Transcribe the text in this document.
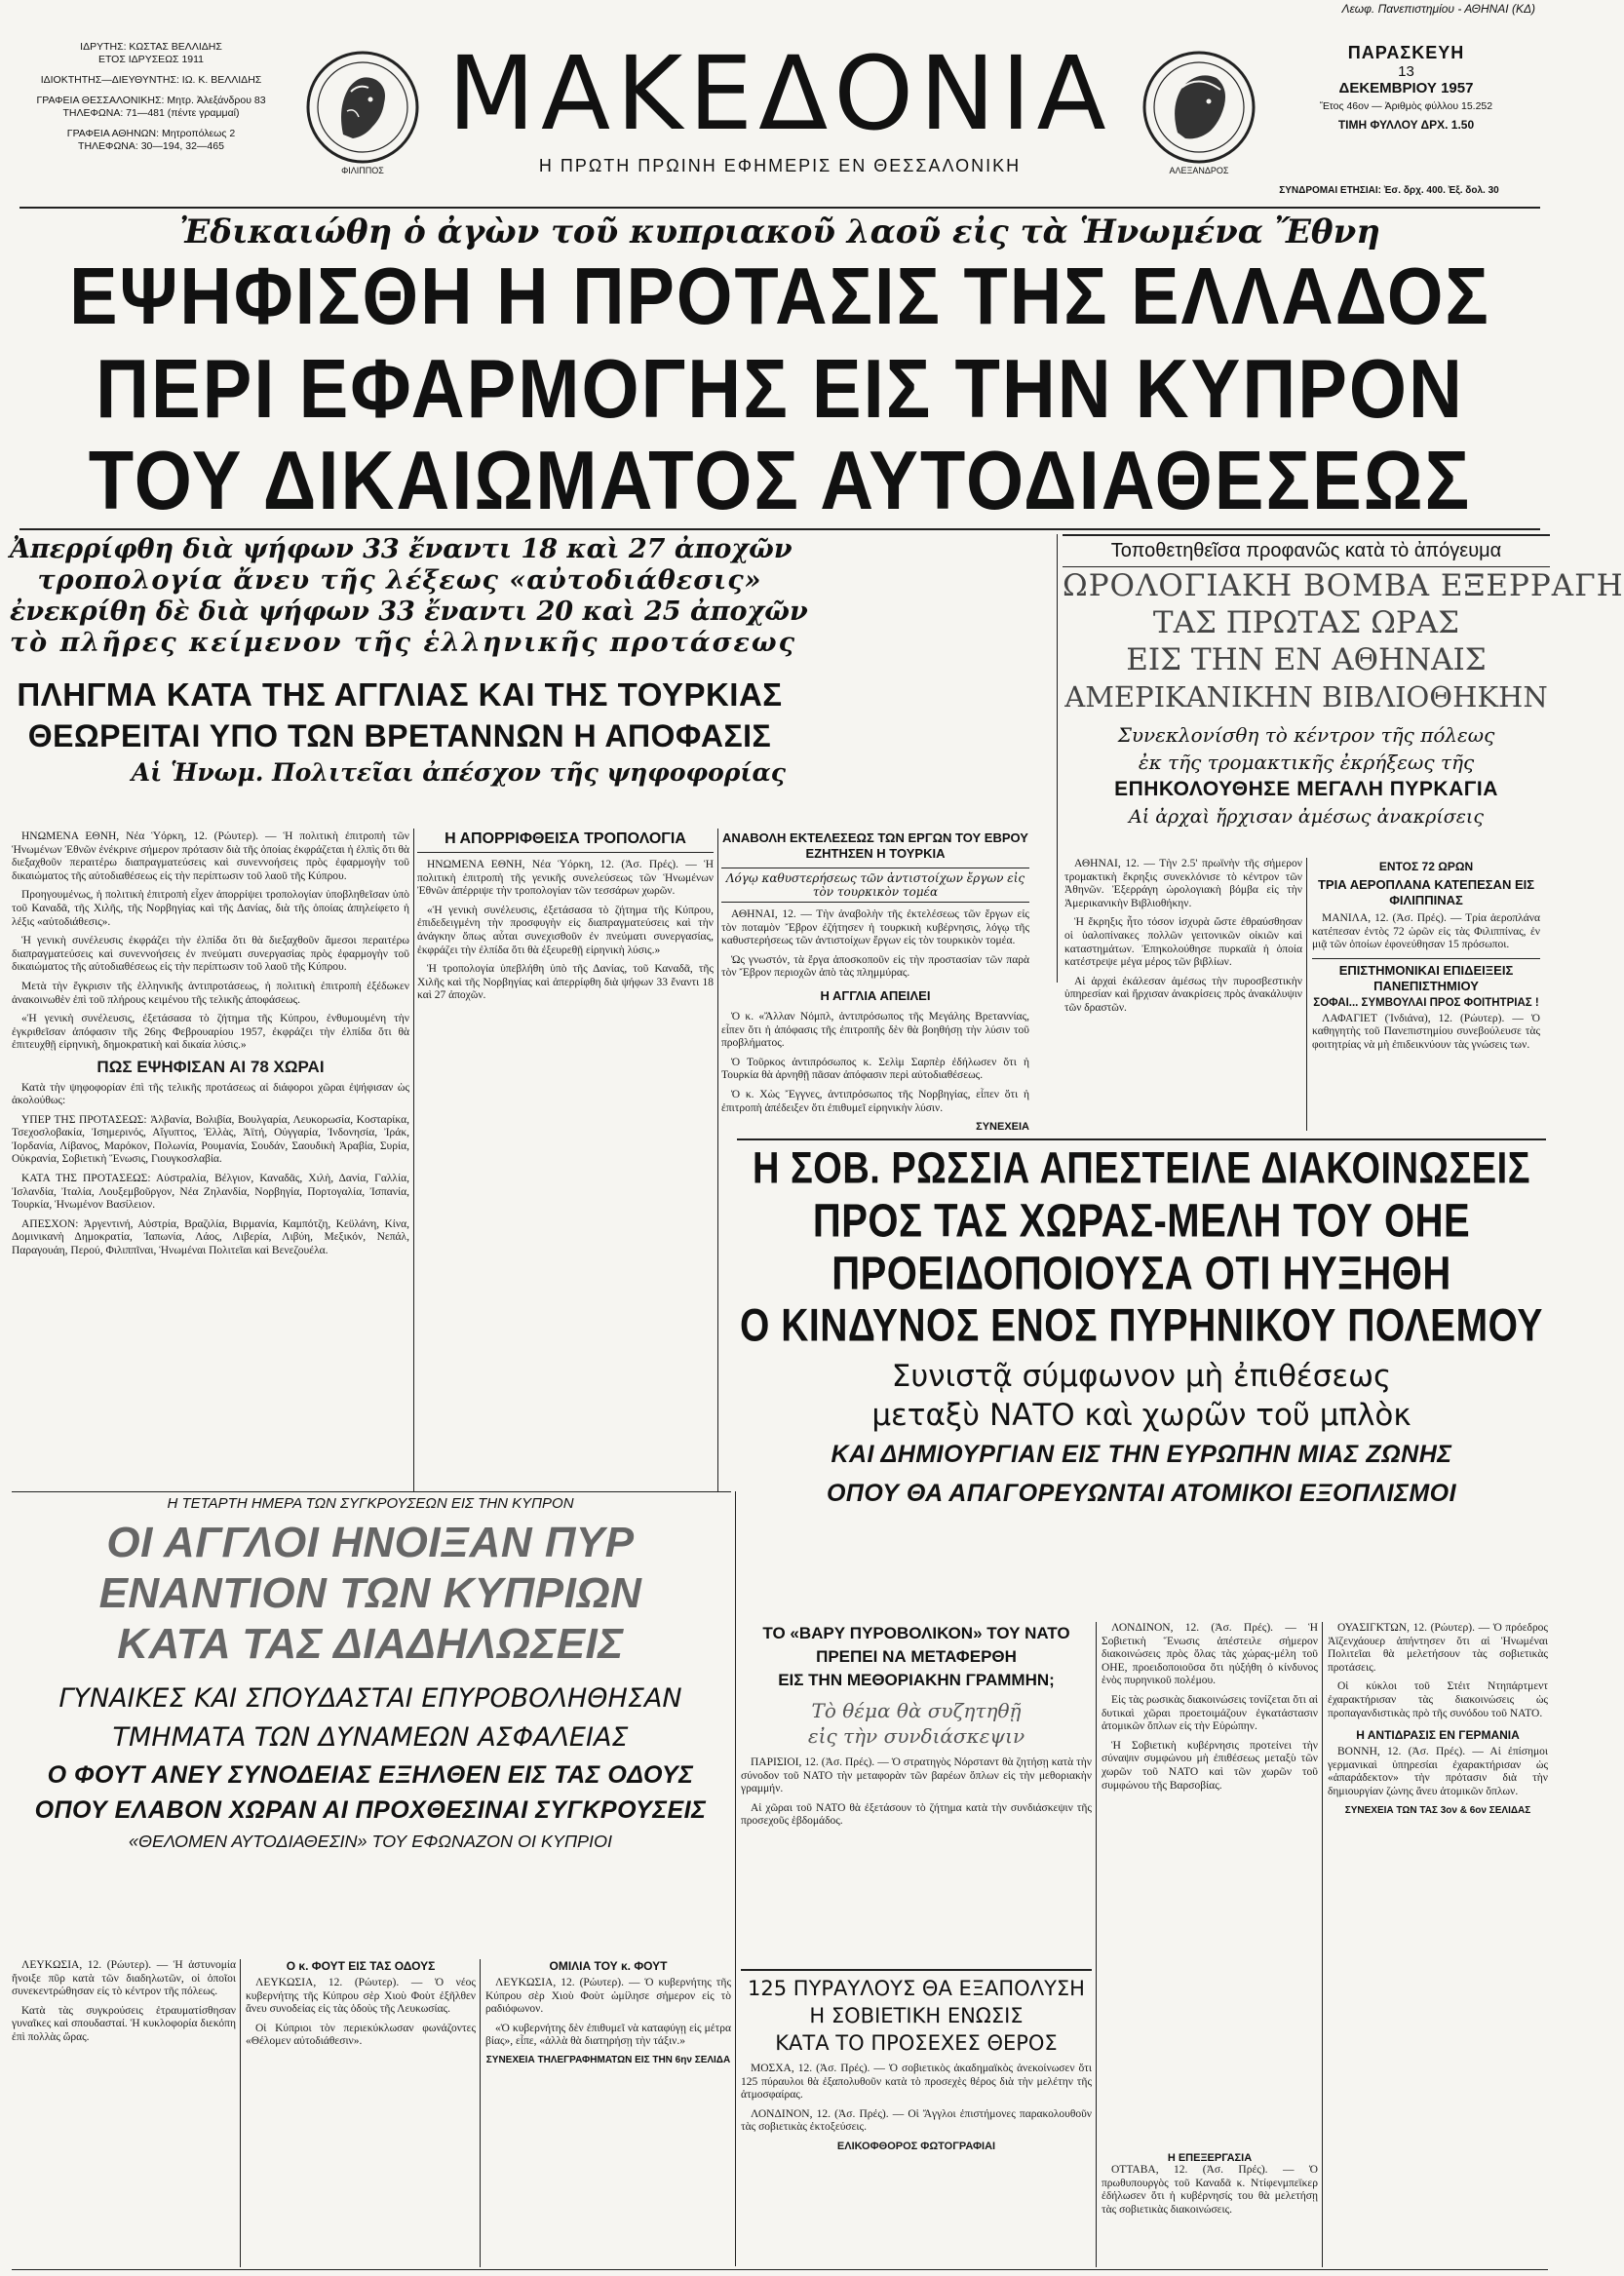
Λεωφ. Πανεπιστημίου - ΑΘΗΝΑΙ (ΚΔ)
ΙΔΡΥΤΗΣ: ΚΩΣΤΑΣ ΒΕΛΛΙΔΗΣ
ΕΤΟΣ ΙΔΡΥΣΕΩΣ 1911
ΙΔΙΟΚΤΗΤΗΣ—ΔΙΕΥΘΥΝΤΗΣ: ΙΩ. Κ. ΒΕΛΛΙΔΗΣ
ΓΡΑΦΕΙΑ ΘΕΣΣΑΛΟΝΙΚΗΣ: Μητρ. Ἀλεξάνδρου 83
ΤΗΛΕΦΩΝΑ: 71—481 (πέντε γραμμαί)
ΓΡΑΦΕΙΑ ΑΘΗΝΩΝ: Μητροπόλεως 2
ΤΗΛΕΦΩΝΑ: 30—194, 32—465
ΦΙΛΙΠΠΟΣ
ΜΑΚΕΔΟΝΙΑ
Η ΠΡΩΤΗ ΠΡΩΙΝΗ ΕΦΗΜΕΡΙΣ ΕΝ ΘΕΣΣΑΛΟΝΙΚΗ	ΑΛΕΞΑΝΔΡΟΣ
ΠΑΡΑΣΚΕΥΗ
13
ΔΕΚΕΜΒΡΙΟΥ 1957
Ἔτος 46ον — Ἀριθμὸς φύλλου 15.252
ΤΙΜΗ ΦΥΛΛΟΥ ΔΡΧ. 1.50
ΣΥΝΔΡΟΜΑΙ ΕΤΗΣΙΑΙ: Ἐσ. δρχ. 400. Ἐξ. δολ. 30
Ἐδικαιώθη ὁ ἀγὼν τοῦ κυπριακοῦ λαοῦ εἰς τὰ Ἡνωμένα Ἔθνη
ΕΨΗΦΙΣΘΗ Η ΠΡΟΤΑΣΙΣ ΤΗΣ ΕΛΛΑΔΟΣ
ΠΕΡΙ ΕΦΑΡΜΟΓΗΣ ΕΙΣ ΤΗΝ ΚΥΠΡΟΝ
ΤΟΥ ΔΙΚΑΙΩΜΑΤΟΣ ΑΥΤΟΔΙΑΘΕΣΕΩΣ
Ἀπερρίφθη διὰ ψήφων 33 ἔναντι 18 καὶ 27 ἀποχῶν
τροπολογία ἄνευ τῆς λέξεως «αὐτοδιάθεσις»
ἐνεκρίθη δὲ διὰ ψήφων 33 ἔναντι 20 καὶ 25 ἀποχῶν
τὸ πλῆρες κείμενον τῆς ἑλληνικῆς προτάσεως
ΠΛΗΓΜΑ ΚΑΤΑ ΤΗΣ ΑΓΓΛΙΑΣ ΚΑΙ ΤΗΣ ΤΟΥΡΚΙΑΣ
ΘΕΩΡΕΙΤΑΙ ΥΠΟ ΤΩΝ ΒΡΕΤΑΝΝΩΝ Η ΑΠΟΦΑΣΙΣ
Αἱ Ἡνωμ. Πολιτεῖαι ἀπέσχον τῆς ψηφοφορίας

ΗΝΩΜΕΝΑ ΕΘΝΗ, Νέα Ὑόρκη, 12. (Ρώυτερ). — Ἡ πολιτικὴ ἐπιτροπὴ τῶν Ἡνωμένων Ἐθνῶν ἐνέκρινε σήμερον πρότασιν διὰ τῆς ὁποίας ἐκφράζεται ἡ ἐλπὶς ὅτι θὰ διεξαχθοῦν περαιτέρω διαπραγματεύσεις καὶ συνεννοήσεις πρὸς ἐφαρμογὴν τοῦ δικαιώματος τῆς αὐτοδιαθέσεως εἰς τὴν περίπτωσιν τοῦ λαοῦ τῆς Κύπρου.

Προηγουμένως, ἡ πολιτικὴ ἐπιτροπὴ εἶχεν ἀπορρίψει τροπολογίαν ὑποβληθεῖσαν ὑπὸ τοῦ Καναδᾶ, τῆς Χιλῆς, τῆς Νορβηγίας καὶ τῆς Δανίας, διὰ τῆς ὁποίας ἀπηλείφετο ἡ λέξις «αὐτοδιάθεσις».

Ἡ γενικὴ συνέλευσις ἐκφράζει τὴν ἐλπίδα ὅτι θὰ διεξαχθοῦν ἄμεσοι περαιτέρω διαπραγματεύσεις καὶ συνεννοήσεις ἐν πνεύματι συνεργασίας πρὸς ἐφαρμογὴν τοῦ δικαιώματος τῆς αὐτοδιαθέσεως εἰς τὴν περίπτωσιν τοῦ λαοῦ τῆς Κύπρου.

Μετὰ τὴν ἔγκρισιν τῆς ἑλληνικῆς ἀντιπροτάσεως, ἡ πολιτικὴ ἐπιτροπὴ ἐξέδωκεν ἀνακοινωθὲν ἐπὶ τοῦ πλήρους κειμένου τῆς τελικῆς ἀποφάσεως.

«Ἡ γενικὴ συνέλευσις, ἐξετάσασα τὸ ζήτημα τῆς Κύπρου, ἐνθυμουμένη τὴν ἐγκριθεῖσαν ἀπόφασιν τῆς 26ης Φεβρουαρίου 1957, ἐκφράζει τὴν ἐλπίδα ὅτι θὰ ἐπιτευχθῇ εἰρηνικὴ, δημοκρατικὴ καὶ δικαία λύσις.»

ΠΩΣ ΕΨΗΦΙΣΑΝ ΑΙ 78 ΧΩΡΑΙ

Κατὰ τὴν ψηφοφορίαν ἐπὶ τῆς τελικῆς προτάσεως αἱ διάφοροι χῶραι ἐψήφισαν ὡς ἀκολούθως:

ΥΠΕΡ ΤΗΣ ΠΡΟΤΑΣΕΩΣ: Ἀλβανία, Βολιβία, Βουλγαρία, Λευκορωσία, Κοσταρίκα, Τσεχοσλοβακία, Ἰσημερινός, Αἴγυπτος, Ἑλλὰς, Ἀϊτή, Οὐγγαρία, Ἰνδονησία, Ἰράκ, Ἰορδανία, Λίβανος, Μαρόκον, Πολωνία, Ρουμανία, Σουδάν, Σαουδικὴ Ἀραβία, Συρία, Οὐκρανία, Σοβιετικὴ Ἕνωσις, Γιουγκοσλαβία.

ΚΑΤΑ ΤΗΣ ΠΡΟΤΑΣΕΩΣ: Αὐστραλία, Βέλγιον, Καναδᾶς, Χιλὴ, Δανία, Γαλλία, Ἰσλανδία, Ἰταλία, Λουξεμβοῦργον, Νέα Ζηλανδία, Νορβηγία, Πορτογαλία, Ἰσπανία, Τουρκία, Ἡνωμένον Βασίλειον.

ΑΠΕΣΧΟΝ: Ἀργεντινή, Αὐστρία, Βραζιλία, Βιρμανία, Καμπότζη, Κεϋλάνη, Κίνα, Δομινικανὴ Δημοκρατία, Ἰαπωνία, Λάος, Λιβερία, Λιβύη, Μεξικόν, Νεπάλ, Παραγουάη, Περού, Φιλιππῖναι, Ἡνωμέναι Πολιτεῖαι καὶ Βενεζουέλα.

Η ΑΠΟΡΡΙΦΘΕΙΣΑ ΤΡΟΠΟΛΟΓΙΑ

ΗΝΩΜΕΝΑ ΕΘΝΗ, Νέα Ὑόρκη, 12. (Ἀσ. Πρές). — Ἡ πολιτικὴ ἐπιτροπὴ τῆς γενικῆς συνελεύσεως τῶν Ἡνωμένων Ἐθνῶν ἀπέρριψε τὴν τροπολογίαν τῶν τεσσάρων χωρῶν.

«Ἡ γενικὴ συνέλευσις, ἐξετάσασα τὸ ζήτημα τῆς Κύπρου, ἐπιδεδειγμένη τὴν προσφυγὴν εἰς διαπραγματεύσεις καὶ τὴν ἀνάγκην ὅπως αὗται συνεχισθοῦν ἐν πνεύματι συνεργασίας, ἐκφράζει τὴν ἐλπίδα ὅτι θὰ ἐξευρεθῇ εἰρηνικὴ λύσις.»

Ἡ τροπολογία ὑπεβλήθη ὑπὸ τῆς Δανίας, τοῦ Καναδᾶ, τῆς Χιλῆς καὶ τῆς Νορβηγίας καὶ ἀπερρίφθη διὰ ψήφων 33 ἔναντι 18 καὶ 27 ἀποχῶν.

ΑΝΑΒΟΛΗ ΕΚΤΕΛΕΣΕΩΣ ΤΩΝ ΕΡΓΩΝ ΤΟΥ ΕΒΡΟΥ ΕΖΗΤΗΣΕΝ Η ΤΟΥΡΚΙΑ
Λόγῳ καθυστερήσεως τῶν ἀντιστοίχων ἔργων εἰς τὸν τουρκικὸν τομέα

ΑΘΗΝΑΙ, 12. — Τὴν ἀναβολὴν τῆς ἐκτελέσεως τῶν ἔργων εἰς τὸν ποταμὸν Ἔβρον ἐζήτησεν ἡ τουρκικὴ κυβέρνησις, λόγῳ τῆς καθυστερήσεως τῶν ἀντιστοίχων ἔργων εἰς τὸν τουρκικὸν τομέα.

Ὡς γνωστόν, τὰ ἔργα ἀποσκοποῦν εἰς τὴν προστασίαν τῶν παρὰ τὸν Ἔβρον περιοχῶν ἀπὸ τὰς πλημμύρας.

Η ΑΓΓΛΙΑ ΑΠΕΙΛΕΙ

Ὁ κ. «Ἄλλαν Νόμπλ, ἀντιπρόσωπος τῆς Μεγάλης Βρεταννίας, εἶπεν ὅτι ἡ ἀπόφασις τῆς ἐπιτροπῆς δὲν θὰ βοηθήσῃ τὴν λύσιν τοῦ προβλήματος.

Ὁ Τοῦρκος ἀντιπρόσωπος κ. Σελὶμ Σαρπὲρ ἐδήλωσεν ὅτι ἡ Τουρκία θὰ ἀρνηθῇ πᾶσαν ἀπόφασιν περὶ αὐτοδιαθέσεως.

Ὁ κ. Χὼς Ἔγγνες, ἀντιπρόσωπος τῆς Νορβηγίας, εἶπεν ὅτι ἡ ἐπιτροπὴ ἀπέδειξεν ὅτι ἐπιθυμεῖ εἰρηνικὴν λύσιν.

ΣΥΝΕΧΕΙΑ
Τοποθετηθεῖσα προφανῶς κατὰ τὸ ἀπόγευμα
ΩΡΟΛΟΓΙΑΚΗ ΒΟΜΒΑ ΕΞΕΡΡΑΓΗ
ΤΑΣ ΠΡΩΤΑΣ ΩΡΑΣ
ΕΙΣ ΤΗΝ ΕΝ ΑΘΗΝΑΙΣ
ΑΜΕΡΙΚΑΝΙΚΗΝ ΒΙΒΛΙΟΘΗΚΗΝ
Συνεκλονίσθη τὸ κέντρον τῆς πόλεως
ἐκ τῆς τρομακτικῆς ἐκρήξεως τῆς
ΕΠΗΚΟΛΟΥΘΗΣΕ ΜΕΓΑΛΗ ΠΥΡΚΑΓΙΑ
Αἱ ἀρχαὶ ἤρχισαν ἀμέσως ἀνακρίσεις

ΑΘΗΝΑΙ, 12. — Τὴν 2.5' πρωϊνὴν τῆς σήμερον τρομακτικὴ ἔκρηξις συνεκλόνισε τὸ κέντρον τῶν Ἀθηνῶν. Ἐξερράγη ὡρολογιακὴ βόμβα εἰς τὴν Ἀμερικανικὴν Βιβλιοθήκην.

Ἡ ἔκρηξις ἦτο τόσον ἰσχυρὰ ὥστε ἐθραύσθησαν οἱ ὑαλοπίνακες πολλῶν γειτονικῶν οἰκιῶν καὶ καταστημάτων. Ἐπηκολούθησε πυρκαϊὰ ἡ ὁποία κατέστρεψε μέγα μέρος τῶν βιβλίων.

Αἱ ἀρχαὶ ἐκάλεσαν ἀμέσως τὴν πυροσβεστικὴν ὑπηρεσίαν καὶ ἤρχισαν ἀνακρίσεις πρὸς ἀνακάλυψιν τῶν δραστῶν.

ΕΝΤΟΣ 72 ΩΡΩΝ
ΤΡΙΑ ΑΕΡΟΠΛΑΝΑ ΚΑΤΕΠΕΣΑΝ ΕΙΣ ΦΙΛΙΠΠΙΝΑΣ

ΜΑΝΙΛΑ, 12. (Ἀσ. Πρές). — Τρία ἀεροπλάνα κατέπεσαν ἐντὸς 72 ὡρῶν εἰς τὰς Φιλιππίνας, ἐν μιᾷ τῶν ὁποίων ἐφονεύθησαν 15 πρόσωποι.

ΕΠΙΣΤΗΜΟΝΙΚΑΙ ΕΠΙΔΕΙΞΕΙΣ ΠΑΝΕΠΙΣΤΗΜΙΟΥ
ΣΟΦΑΙ... ΣΥΜΒΟΥΛΑΙ ΠΡΟΣ ΦΟΙΤΗΤΡΙΑΣ !

ΛΑΦΑΓΙΕΤ (Ἰνδιάνα), 12. (Ρώυτερ). — Ὁ καθηγητὴς τοῦ Πανεπιστημίου συνεβούλευσε τὰς φοιτητρίας νὰ μὴ ἐπιδεικνύουν τὰς γνώσεις των.

Η ΣΟΒ. ΡΩΣΣΙΑ ΑΠΕΣΤΕΙΛΕ ΔΙΑΚΟΙΝΩΣΕΙΣ
ΠΡΟΣ ΤΑΣ ΧΩΡΑΣ-ΜΕΛΗ ΤΟΥ ΟΗΕ
ΠΡΟΕΙΔΟΠΟΙΟΥΣΑ ΟΤΙ ΗΥΞΗΘΗ
Ο ΚΙΝΔΥΝΟΣ ΕΝΟΣ ΠΥΡΗΝΙΚΟΥ ΠΟΛΕΜΟΥ
Συνιστᾷ σύμφωνον μὴ ἐπιθέσεως
μεταξὺ ΝΑΤΟ καὶ χωρῶν τοῦ μπλὸκ
ΚΑΙ ΔΗΜΙΟΥΡΓΙΑΝ ΕΙΣ ΤΗΝ ΕΥΡΩΠΗΝ ΜΙΑΣ ΖΩΝΗΣ
ΟΠΟΥ ΘΑ ΑΠΑΓΟΡΕΥΩΝΤΑΙ ΑΤΟΜΙΚΟΙ ΕΞΟΠΛΙΣΜΟΙ
Η ΤΕΤΑΡΤΗ ΗΜΕΡΑ ΤΩΝ ΣΥΓΚΡΟΥΣΕΩΝ ΕΙΣ ΤΗΝ ΚΥΠΡΟΝ
ΟΙ ΑΓΓΛΟΙ ΗΝΟΙΞΑΝ ΠΥΡ
ΕΝΑΝΤΙΟΝ ΤΩΝ ΚΥΠΡΙΩΝ
ΚΑΤΑ ΤΑΣ ΔΙΑΔΗΛΩΣΕΙΣ
ΓΥΝΑΙΚΕΣ ΚΑΙ ΣΠΟΥΔΑΣΤΑΙ ΕΠΥΡΟΒΟΛΗΘΗΣΑΝ
ΤΜΗΜΑΤΑ ΤΩΝ ΔΥΝΑΜΕΩΝ ΑΣΦΑΛΕΙΑΣ
Ο ΦΟΥΤ ΑΝΕΥ ΣΥΝΟΔΕΙΑΣ ΕΞΗΛΘΕΝ ΕΙΣ ΤΑΣ ΟΔΟΥΣ
ΟΠΟΥ ΕΛΑΒΟΝ ΧΩΡΑΝ ΑΙ ΠΡΟΧΘΕΣΙΝΑΙ ΣΥΓΚΡΟΥΣΕΙΣ
«ΘΕΛΟΜΕΝ ΑΥΤΟΔΙΑΘΕΣΙΝ» ΤΟΥ ΕΦΩΝΑΖΟΝ ΟΙ ΚΥΠΡΙΟΙ

ΛΕΥΚΩΣΙΑ, 12. (Ρώυτερ). — Ἡ ἀστυνομία ἤνοιξε πῦρ κατὰ τῶν διαδηλωτῶν, οἱ ὁποῖοι συνεκεντρώθησαν εἰς τὸ κέντρον τῆς πόλεως.

Κατὰ τὰς συγκρούσεις ἐτραυματίσθησαν γυναῖκες καὶ σπουδασταί. Ἡ κυκλοφορία διεκόπη ἐπὶ πολλὰς ὥρας.

Ο κ. ΦΟΥΤ ΕΙΣ ΤΑΣ ΟΔΟΥΣ

ΛΕΥΚΩΣΙΑ, 12. (Ρώυτερ). — Ὁ νέος κυβερνήτης τῆς Κύπρου σὲρ Χιοὺ Φοὺτ ἐξῆλθεν ἄνευ συνοδείας εἰς τὰς ὁδοὺς τῆς Λευκωσίας.

Οἱ Κύπριοι τὸν περιεκύκλωσαν φωνάζοντες «Θέλομεν αὐτοδιάθεσιν».

ΟΜΙΛΙΑ ΤΟΥ κ. ΦΟΥΤ

ΛΕΥΚΩΣΙΑ, 12. (Ρώυτερ). — Ὁ κυβερνήτης τῆς Κύπρου σὲρ Χιοὺ Φοὺτ ὡμίλησε σήμερον εἰς τὸ ραδιόφωνον.

«Ὁ κυβερνήτης δὲν ἐπιθυμεῖ νὰ καταφύγῃ εἰς μέτρα βίας», εἶπε, «ἀλλὰ θὰ διατηρήσῃ τὴν τάξιν.»

ΣΥΝΕΧΕΙΑ ΤΗΛΕΓΡΑΦΗΜΑΤΩΝ ΕΙΣ ΤΗΝ 6ην ΣΕΛΙΔΑ
ΤΟ «ΒΑΡΥ ΠΥΡΟΒΟΛΙΚΟΝ» ΤΟΥ ΝΑΤΟ
ΠΡΕΠΕΙ ΝΑ ΜΕΤΑΦΕΡΘΗ
ΕΙΣ ΤΗΝ ΜΕΘΟΡΙΑΚΗΝ ΓΡΑΜΜΗΝ;
Τὸ θέμα θὰ συζητηθῇ
εἰς τὴν συνδιάσκεψιν

ΠΑΡΙΣΙΟΙ, 12. (Ἀσ. Πρές). — Ὁ στρατηγὸς Νόρσταντ θὰ ζητήσῃ κατὰ τὴν σύνοδον τοῦ ΝΑΤΟ τὴν μεταφορὰν τῶν βαρέων ὅπλων εἰς τὴν μεθοριακὴν γραμμήν.

Αἱ χῶραι τοῦ ΝΑΤΟ θὰ ἐξετάσουν τὸ ζήτημα κατὰ τὴν συνδιάσκεψιν τῆς προσεχοῦς ἑβδομάδος.

125 ΠΥΡΑΥΛΟΥΣ ΘΑ ΕΞΑΠΟΛΥΣΗ
Η ΣΟΒΙΕΤΙΚΗ ΕΝΩΣΙΣ
ΚΑΤΑ ΤΟ ΠΡΟΣΕΧΕΣ ΘΕΡΟΣ

ΜΟΣΧΑ, 12. (Ἀσ. Πρές). — Ὁ σοβιετικὸς ἀκαδημαϊκὸς ἀνεκοίνωσεν ὅτι 125 πύραυλοι θὰ ἐξαπολυθοῦν κατὰ τὸ προσεχὲς θέρος διὰ τὴν μελέτην τῆς ἀτμοσφαίρας.

ΛΟΝΔΙΝΟΝ, 12. (Ἀσ. Πρές). — Οἱ Ἄγγλοι ἐπιστήμονες παρακολουθοῦν τὰς σοβιετικὰς ἐκτοξεύσεις.

ΕΛΙΚΟΦΘΟΡΟΣ ΦΩΤΟΓΡΑΦΙΑΙ

ΛΟΝΔΙΝΟΝ, 12. (Ἀσ. Πρές). — Ἡ Σοβιετικὴ Ἕνωσις ἀπέστειλε σήμερον διακοινώσεις πρὸς ὅλας τὰς χώρας-μέλη τοῦ ΟΗΕ, προειδοποιοῦσα ὅτι ηὐξήθη ὁ κίνδυνος ἑνὸς πυρηνικοῦ πολέμου.

Εἰς τὰς ρωσικὰς διακοινώσεις τονίζεται ὅτι αἱ δυτικαὶ χῶραι προετοιμάζουν ἐγκατάστασιν ἀτομικῶν ὅπλων εἰς τὴν Εὐρώπην.

Ἡ Σοβιετικὴ κυβέρνησις προτείνει τὴν σύναψιν συμφώνου μὴ ἐπιθέσεως μεταξὺ τῶν χωρῶν τοῦ ΝΑΤΟ καὶ τῶν χωρῶν τοῦ συμφώνου τῆς Βαρσοβίας.

Η ΕΠΕΞΕΡΓΑΣΙΑ

ΟΤΤΑΒΑ, 12. (Ἀσ. Πρές). — Ὁ πρωθυπουργὸς τοῦ Καναδᾶ κ. Ντίφενμπεϊκερ ἐδήλωσεν ὅτι ἡ κυβέρνησίς του θὰ μελετήσῃ τὰς σοβιετικὰς διακοινώσεις.

ΟΥΑΣΙΓΚΤΩΝ, 12. (Ρώυτερ). — Ὁ πρόεδρος Ἀϊζενχάουερ ἀπήντησεν ὅτι αἱ Ἡνωμέναι Πολιτεῖαι θὰ μελετήσουν τὰς σοβιετικὰς προτάσεις.

Οἱ κύκλοι τοῦ Στέιτ Ντηπάρτμεντ ἐχαρακτήρισαν τὰς διακοινώσεις ὡς προπαγανδιστικὰς πρὸ τῆς συνόδου τοῦ ΝΑΤΟ.

Η ΑΝΤΙΔΡΑΣΙΣ ΕΝ ΓΕΡΜΑΝΙΑ

ΒΟΝΝΗ, 12. (Ἀσ. Πρές). — Αἱ ἐπίσημοι γερμανικαὶ ὑπηρεσίαι ἐχαρακτήρισαν ὡς «ἀπαράδεκτον» τὴν πρότασιν διὰ τὴν δημιουργίαν ζώνης ἄνευ ἀτομικῶν ὅπλων.

ΣΥΝΕΧΕΙΑ ΤΩΝ ΤΑΣ 3ον & 6ον ΣΕΛΙΔΑΣ
